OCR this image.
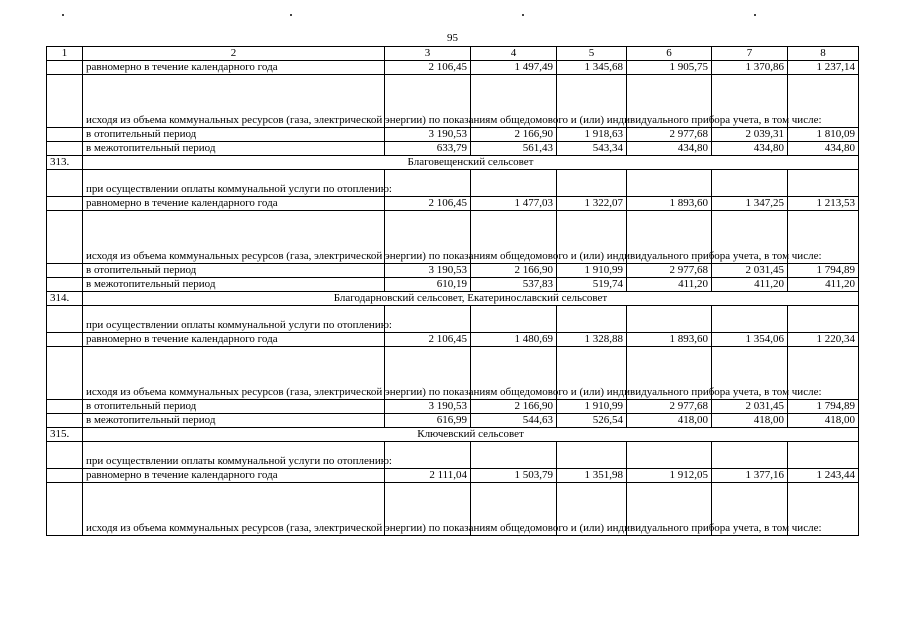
95
1	2	3	4	5	6	7	8
	равномерно в течение календарного года	2 106,45	1 497,49	1 345,68	1 905,75	1 370,86	1 237,14
	исходя из объема коммунальных ресурсов (газа, электрической энергии) по показаниям общедомового и (или) индивидуального прибора учета, в том числе:						
	в отопительный период	3 190,53	2 166,90	1 918,63	2 977,68	2 039,31	1 810,09
	в межотопительный период	633,79	561,43	543,34	434,80	434,80	434,80
313.	Благовещенский сельсовет						
	при осуществлении оплаты коммунальной услуги по отоплению:						
	равномерно в течение календарного года	2 106,45	1 477,03	1 322,07	1 893,60	1 347,25	1 213,53
	исходя из объема коммунальных ресурсов (газа, электрической энергии) по показаниям общедомового и (или) индивидуального прибора учета, в том числе:						
	в отопительный период	3 190,53	2 166,90	1 910,99	2 977,68	2 031,45	1 794,89
	в межотопительный период	610,19	537,83	519,74	411,20	411,20	411,20
314.	Благодарновский сельсовет, Екатеринославский сельсовет						
	при осуществлении оплаты коммунальной услуги по отоплению:						
	равномерно в течение календарного года	2 106,45	1 480,69	1 328,88	1 893,60	1 354,06	1 220,34
	исходя из объема коммунальных ресурсов (газа, электрической энергии) по показаниям общедомового и (или) индивидуального прибора учета, в том числе:						
	в отопительный период	3 190,53	2 166,90	1 910,99	2 977,68	2 031,45	1 794,89
	в межотопительный период	616,99	544,63	526,54	418,00	418,00	418,00
315.	Ключевский сельсовет						
	при осуществлении оплаты коммунальной услуги по отоплению:						
	равномерно в течение календарного года	2 111,04	1 503,79	1 351,98	1 912,05	1 377,16	1 243,44
	исходя из объема коммунальных ресурсов (газа, электрической энергии) по показаниям общедомового и (или) индивидуального прибора учета, в том числе:						
